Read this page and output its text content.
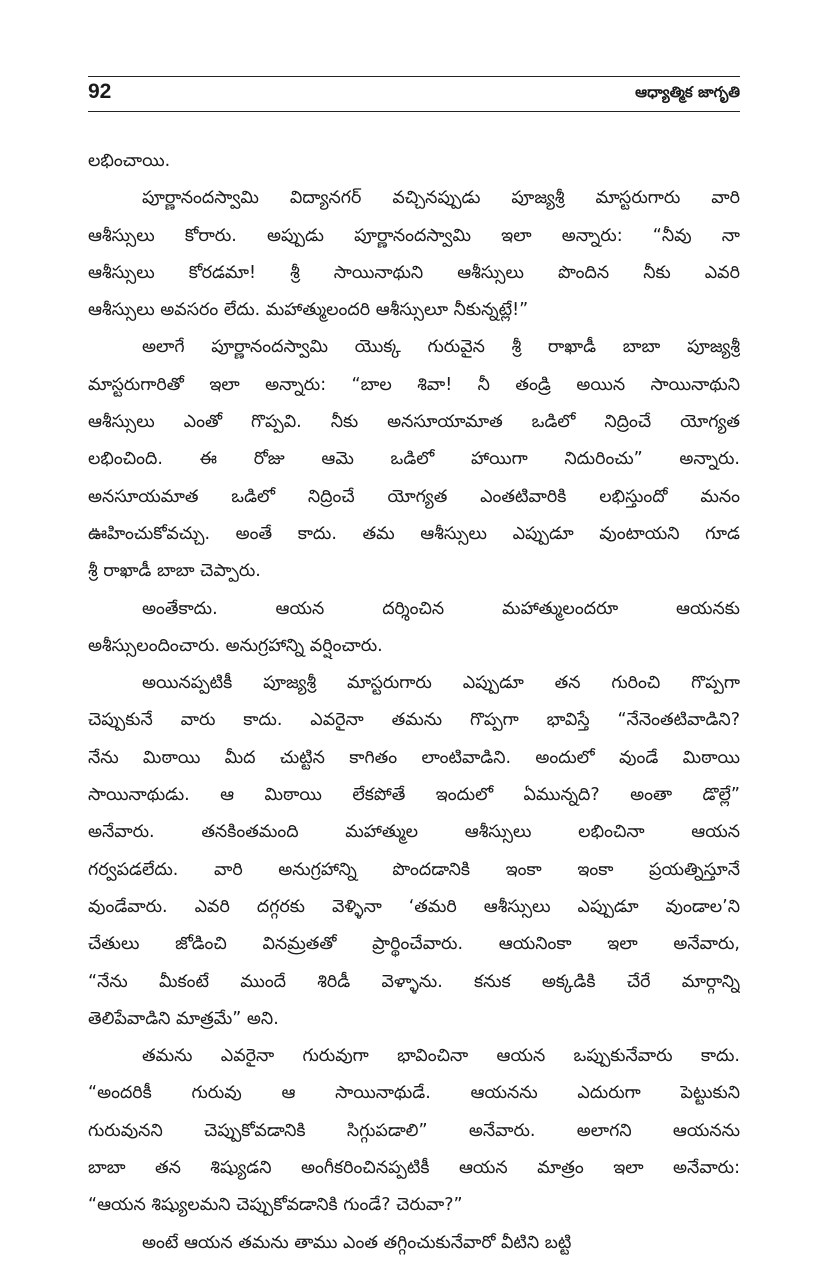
92	ఆధ్యాత్మిక జాగృతి
లభించాయి.
పూర్ణానందస్వామి విద్యానగర్ వచ్చినప్పుడు పూజ్యశ్రీ మాస్టరుగారు వారి
ఆశీస్సులు కోరారు. అప్పుడు పూర్ణానందస్వామి ఇలా అన్నారు: “నీవు నా
ఆశీస్సులు కోరడమా! శ్రీ సాయినాథుని ఆశీస్సులు పొందిన నీకు ఎవరి
ఆశీస్సులు అవసరం లేదు. మహాత్ములందరి ఆశీస్సులూ నీకున్నట్లే!”
అలాగే పూర్ణానందస్వామి యొక్క గురువైన శ్రీ రాఖాడీ బాబా పూజ్యశ్రీ
మాస్టరుగారితో ఇలా అన్నారు: “బాల శివా! నీ తండ్రి అయిన సాయినాథుని
ఆశీస్సులు ఎంతో గొప్పవి. నీకు అనసూయామాత ఒడిలో నిద్రించే యోగ్యత
లభించింది. ఈ రోజు ఆమె ఒడిలో హాయిగా నిదురించు” అన్నారు.
అనసూయమాత ఒడిలో నిద్రించే యోగ్యత ఎంతటివారికి లభిస్తుందో మనం
ఊహించుకోవచ్చు. అంతే కాదు. తమ ఆశీస్సులు ఎప్పుడూ వుంటాయని గూడ
శ్రీ రాఖాడీ బాబా చెప్పారు.
అంతేకాదు. ఆయన దర్శించిన మహాత్ములందరూ ఆయనకు
అశీస్సులందించారు. అనుగ్రహాన్ని వర్షించారు.
అయినప్పటికీ పూజ్యశ్రీ మాస్టరుగారు ఎప్పుడూ తన గురించి గొప్పగా
చెప్పుకునే వారు కాదు. ఎవరైనా తమను గొప్పగా భావిస్తే “నేనెంతటివాడిని?
నేను మిఠాయి మీద చుట్టిన కాగితం లాంటివాడిని. అందులో వుండే మిఠాయి
సాయినాథుడు. ఆ మిఠాయి లేకపోతే ఇందులో ఏమున్నది? అంతా డొల్లే”
అనేవారు. తనకింతమంది మహాత్ముల ఆశీస్సులు లభించినా ఆయన
గర్వపడలేదు. వారి అనుగ్రహాన్ని పొందడానికి ఇంకా ఇంకా ప్రయత్నిస్తూనే
వుండేవారు. ఎవరి దగ్గరకు వెళ్ళినా ‘తమరి ఆశీస్సులు ఎప్పుడూ వుండాల’ని
చేతులు జోడించి వినమ్రతతో ప్రార్థించేవారు. ఆయనింకా ఇలా అనేవారు,
“నేను మీకంటే ముందే శిరిడీ వెళ్ళాను. కనుక అక్కడికి చేరే మార్గాన్ని
తెలిపేవాడిని మాత్రమే” అని.
తమను ఎవరైనా గురువుగా భావించినా ఆయన ఒప్పుకునేవారు కాదు.
“అందరికీ గురువు ఆ సాయినాథుడే. ఆయనను ఎదురుగా పెట్టుకుని
గురువునని చెప్పుకోవడానికి సిగ్గుపడాలి” అనేవారు. అలాగని ఆయనను
బాబా తన శిష్యుడని అంగీకరించినప్పటికీ ఆయన మాత్రం ఇలా అనేవారు:
“ఆయన శిష్యులమని చెప్పుకోవడానికి గుండే? చెరువా?”
అంటే ఆయన తమను తాము ఎంత తగ్గించుకునేవారో వీటిని బట్టి
